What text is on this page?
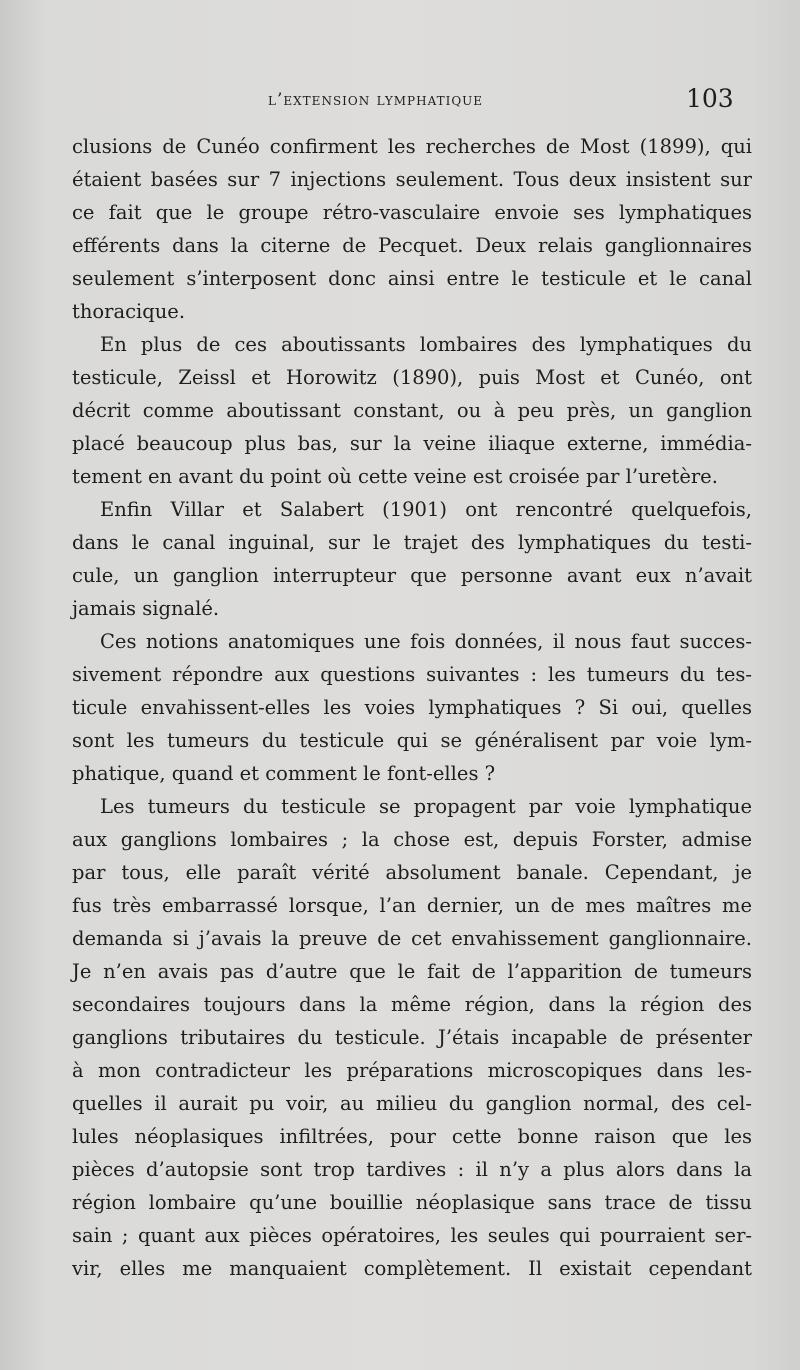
l’extension lymphatique	103
clusions de Cunéo confirment les recherches de Most (1899), qui
étaient basées sur 7 injections seulement. Tous deux insistent sur
ce fait que le groupe rétro-vasculaire envoie ses lymphatiques
efférents dans la citerne de Pecquet. Deux relais ganglionnaires
seulement s’interposent donc ainsi entre le testicule et le canal
thoracique.
En plus de ces aboutissants lombaires des lymphatiques du
testicule, Zeissl et Horowitz (1890), puis Most et Cunéo, ont
décrit comme aboutissant constant, ou à peu près, un ganglion
placé beaucoup plus bas, sur la veine iliaque externe, immédia-
tement en avant du point où cette veine est croisée par l’uretère.
Enfin Villar et Salabert (1901) ont rencontré quelquefois,
dans le canal inguinal, sur le trajet des lymphatiques du testi-
cule, un ganglion interrupteur que personne avant eux n’avait
jamais signalé.
Ces notions anatomiques une fois données, il nous faut succes-
sivement répondre aux questions suivantes : les tumeurs du tes-
ticule envahissent-elles les voies lymphatiques ? Si oui, quelles
sont les tumeurs du testicule qui se généralisent par voie lym-
phatique, quand et comment le font-elles ?
Les tumeurs du testicule se propagent par voie lymphatique
aux ganglions lombaires ; la chose est, depuis Forster, admise
par tous, elle paraît vérité absolument banale. Cependant, je
fus très embarrassé lorsque, l’an dernier, un de mes maîtres me
demanda si j’avais la preuve de cet envahissement ganglionnaire.
Je n’en avais pas d’autre que le fait de l’apparition de tumeurs
secondaires toujours dans la même région, dans la région des
ganglions tributaires du testicule. J’étais incapable de présenter
à mon contradicteur les préparations microscopiques dans les-
quelles il aurait pu voir, au milieu du ganglion normal, des cel-
lules néoplasiques infiltrées, pour cette bonne raison que les
pièces d’autopsie sont trop tardives : il n’y a plus alors dans la
région lombaire qu’une bouillie néoplasique sans trace de tissu
sain ; quant aux pièces opératoires, les seules qui pourraient ser-
vir, elles me manquaient complètement. Il existait cependant
